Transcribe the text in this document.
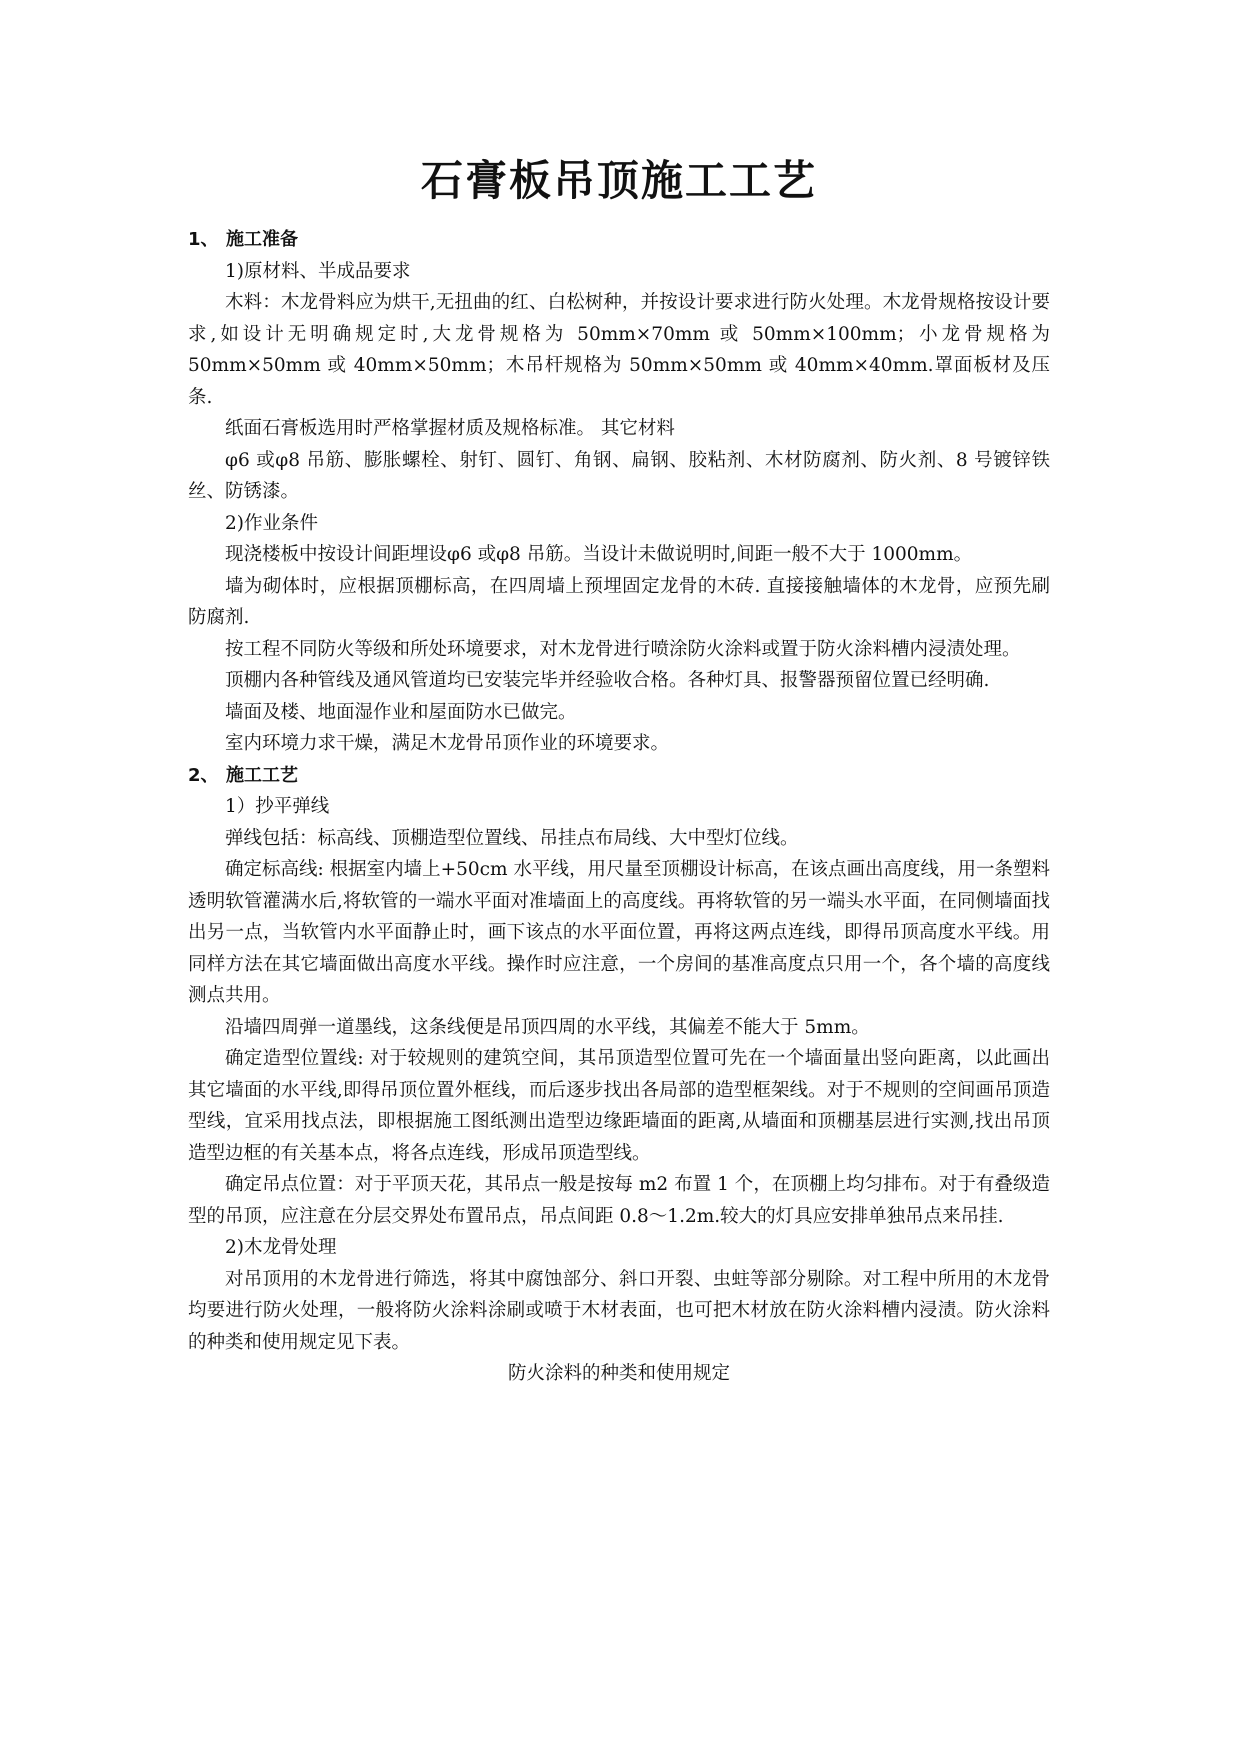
石膏板吊顶施工工艺

1、 施工准备

1)原材料、半成品要求

木料：木龙骨料应为烘干,无扭曲的红、白松树种，并按设计要求进行防火处理。木龙骨规格按设计要求,如设计无明确规定时,大龙骨规格为 50mm×70mm 或 50mm×100mm；小龙骨规格为 50mm×50mm 或 40mm×50mm；木吊杆规格为 50mm×50mm 或 40mm×40mm.罩面板材及压条.

纸面石膏板选用时严格掌握材质及规格标准。 其它材料

φ6 或φ8 吊筋、膨胀螺栓、射钉、圆钉、角钢、扁钢、胶粘剂、木材防腐剂、防火剂、8 号镀锌铁丝、防锈漆。

2)作业条件

现浇楼板中按设计间距埋设φ6 或φ8 吊筋。当设计未做说明时,间距一般不大于 1000mm。

墙为砌体时，应根据顶棚标高，在四周墙上预埋固定龙骨的木砖. 直接接触墙体的木龙骨，应预先刷防腐剂.

按工程不同防火等级和所处环境要求，对木龙骨进行喷涂防火涂料或置于防火涂料槽内浸渍处理。

顶棚内各种管线及通风管道均已安装完毕并经验收合格。各种灯具、报警器预留位置已经明确.

墙面及楼、地面湿作业和屋面防水已做完。

室内环境力求干燥，满足木龙骨吊顶作业的环境要求。

2、 施工工艺

1）抄平弹线

弹线包括：标高线、顶棚造型位置线、吊挂点布局线、大中型灯位线。

确定标高线: 根据室内墙上+50cm 水平线，用尺量至顶棚设计标高，在该点画出高度线，用一条塑料透明软管灌满水后,将软管的一端水平面对准墙面上的高度线。再将软管的另一端头水平面，在同侧墙面找出另一点，当软管内水平面静止时，画下该点的水平面位置，再将这两点连线，即得吊顶高度水平线。用同样方法在其它墙面做出高度水平线。操作时应注意，一个房间的基准高度点只用一个，各个墙的高度线测点共用。

沿墙四周弹一道墨线，这条线便是吊顶四周的水平线，其偏差不能大于 5mm。

确定造型位置线: 对于较规则的建筑空间，其吊顶造型位置可先在一个墙面量出竖向距离，以此画出其它墙面的水平线,即得吊顶位置外框线，而后逐步找出各局部的造型框架线。对于不规则的空间画吊顶造型线，宜采用找点法，即根据施工图纸测出造型边缘距墙面的距离,从墙面和顶棚基层进行实测,找出吊顶造型边框的有关基本点，将各点连线，形成吊顶造型线。

确定吊点位置：对于平顶天花，其吊点一般是按每 m2 布置 1 个，在顶棚上均匀排布。对于有叠级造型的吊顶，应注意在分层交界处布置吊点，吊点间距 0.8～1.2m.较大的灯具应安排单独吊点来吊挂.

2)木龙骨处理

对吊顶用的木龙骨进行筛选，将其中腐蚀部分、斜口开裂、虫蛀等部分剔除。对工程中所用的木龙骨均要进行防火处理，一般将防火涂料涂刷或喷于木材表面，也可把木材放在防火涂料槽内浸渍。防火涂料的种类和使用规定见下表。

防火涂料的种类和使用规定
